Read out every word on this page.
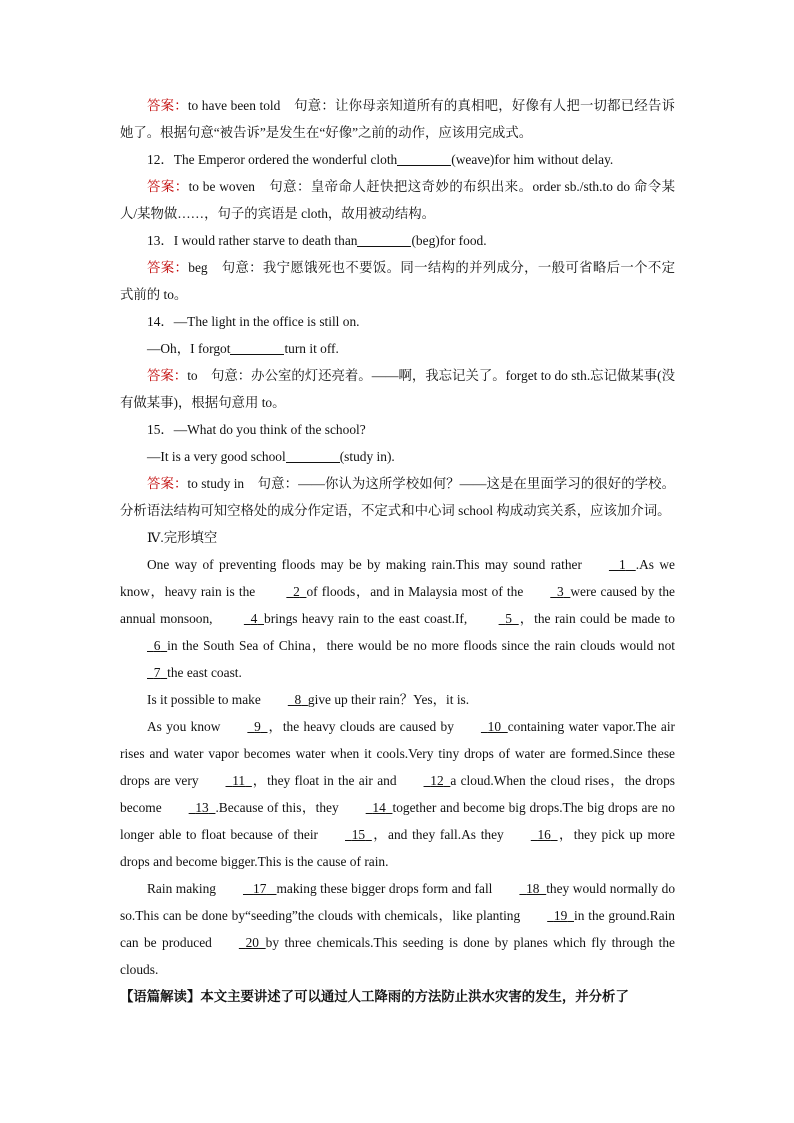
答案：to have been told　句意：让你母亲知道所有的真相吧，好像有人把一切都已经告诉她了。根据句意“被告诉”是发生在“好像”之前的动作，应该用完成式。

12．The Emperor ordered the wonderful cloth	(weave)for him without delay.

答案：to be woven　句意：皇帝命人赶快把这奇妙的布织出来。order sb./sth.to do 命令某人/某物做……，句子的宾语是 cloth，故用被动结构。

13．I would rather starve to death than	(beg)for food.

答案：beg　句意：我宁愿饿死也不要饭。同一结构的并列成分，一般可省略后一个不定式前的 to。

14．—The light in the office is still on.

—Oh，I forgot	turn it off.

答案：to　句意：办公室的灯还亮着。——啊，我忘记关了。forget to do sth.忘记做某事(没有做某事)，根据句意用 to。

15．—What do you think of the school?

—It is a very good school	(study in).

答案：to study in　句意：——你认为这所学校如何？——这是在里面学习的很好的学校。分析语法结构可知空格处的成分作定语，不定式和中心词 school 构成动宾关系，应该加介词。

Ⅳ.完形填空

One way of preventing floods may be by making rain.This may sound rather	1 .As we know，heavy rain is the	2 of floods，and in Malaysia most of the	3 were caused by the annual monsoon,	4 brings heavy rain to the east coast.If,	5 ，the rain could be made to  6 in the South Sea of China，there would be no more floods since the rain clouds would not  7 the east coast.

Is it possible to make	8 give up their rain？Yes，it is.

As you know	9 ，the heavy clouds are caused by	10 containing water vapor.The air rises and water vapor becomes water when it cools.Very tiny drops of water are formed.Since these drops are very	11 ，they float in the air and	12 a cloud.When the cloud rises，the drops become	13 .Because of this，they	14 together and become big drops.The big drops are no longer able to float because of their	15 ，and they fall.As they	16 ，they pick up more drops and become bigger.This is the cause of rain.

Rain making	17 making these bigger drops form and fall	18 they would normally do so.This can be done by“seeding”the clouds with chemicals，like planting	19 in the ground.Rain can be produced	20 by three chemicals.This seeding is done by planes which fly through the clouds.

【语篇解读】本文主要讲述了可以通过人工降雨的方法防止洪水灾害的发生，并分析了
